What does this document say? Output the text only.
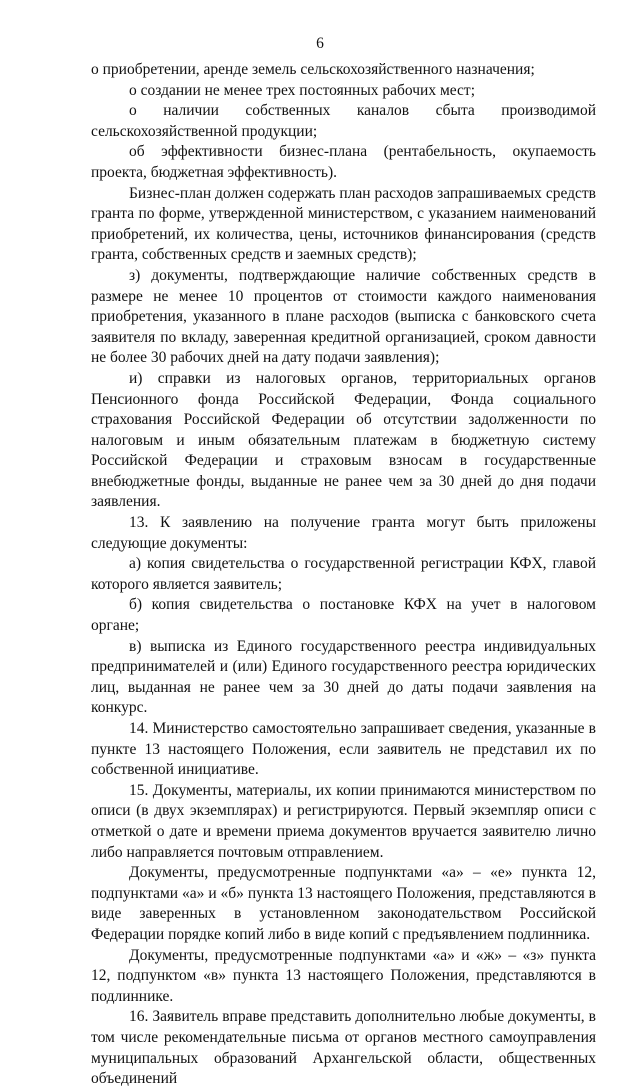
6

о приобретении, аренде земель сельскохозяйственного назначения;

о создании не менее трех постоянных рабочих мест;

о наличии собственных каналов сбыта производимой сельскохозяйственной продукции;

об эффективности бизнес-плана (рентабельность, окупаемость проекта, бюджетная эффективность).

Бизнес-план должен содержать план расходов запрашиваемых средств гранта по форме, утвержденной министерством, с указанием наименований приобретений, их количества, цены, источников финансирования (средств гранта, собственных средств и заемных средств);

з) документы, подтверждающие наличие собственных средств в размере не менее 10 процентов от стоимости каждого наименования приобретения, указанного в плане расходов (выписка с банковского счета заявителя по вкладу, заверенная кредитной организацией, сроком давности не более 30 рабочих дней на дату подачи заявления);

и) справки из налоговых органов, территориальных органов Пенсионного фонда Российской Федерации, Фонда социального страхования Российской Федерации об отсутствии задолженности по налоговым и иным обязательным платежам в бюджетную систему Российской Федерации и страховым взносам в государственные внебюджетные фонды, выданные не ранее чем за 30 дней до дня подачи заявления.

13. К заявлению на получение гранта могут быть приложены следующие документы:

а) копия свидетельства о государственной регистрации КФХ, главой которого является заявитель;

б) копия свидетельства о постановке КФХ на учет в налоговом органе;

в) выписка из Единого государственного реестра индивидуальных предпринимателей и (или) Единого государственного реестра юридических лиц, выданная не ранее чем за 30 дней до даты подачи заявления на конкурс.

14. Министерство самостоятельно запрашивает сведения, указанные в пункте 13 настоящего Положения, если заявитель не представил их по собственной инициативе.

15. Документы, материалы, их копии принимаются министерством по описи (в двух экземплярах) и регистрируются. Первый экземпляр описи с отметкой о дате и времени приема документов вручается заявителю лично либо направляется почтовым отправлением.

Документы, предусмотренные подпунктами «а» – «е» пункта 12, подпунктами «а» и «б» пункта 13 настоящего Положения, представляются в виде заверенных в установленном законодательством Российской Федерации порядке копий либо в виде копий с предъявлением подлинника.

Документы, предусмотренные подпунктами «а» и «ж» – «з» пункта 12, подпунктом «в» пункта 13 настоящего Положения, представляются в подлиннике.

16. Заявитель вправе представить дополнительно любые документы, в том числе рекомендательные письма от органов местного самоуправления муниципальных образований Архангельской области, общественных объединений
